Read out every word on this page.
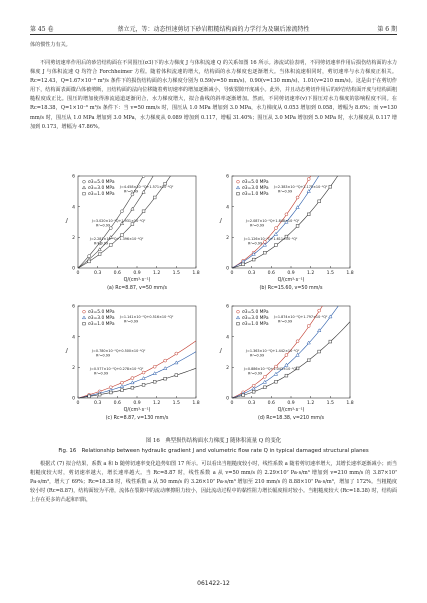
第 45 卷	蔡立元，等：动态恒速剪切下砂岩粗糙结构面的力学行为及碾后渗流特性	第 6 期
体的惯性力有关。
不同剪切速率作用后的砂岩结构面在不同围压(σ3)下的水力梯度 J 与体积流速 Q 的关系如图 16 所示。渗流试验表明，不同剪切速率作用后损伤结构面的水力梯度 J 与体积流速 Q 均符合 Forchheimer 方程。随着体积流速的增大，结构面的水力梯度也逐渐增大。当体积流速相同时，剪切速率与水力梯度正相关。Rc=12.43，Q=1.67×10⁻⁶ m³/s 条件下的损伤结构面的水力梯度分别为 0.59(v=50 mm/s)、0.90(v=130 mm/s)、1.01(v=210 mm/s)。这是由于在剪切作用下，结构面表面微凸体被剪断，且结构面的法向位移随着剪切速率的增加逐渐减小，导致裂隙开度减小。此外，并且动态剪切作用后的砂岩结构面开度与结构面粗糙程度成正比。围压的增加使得渗流通道逐渐闭合，水力梯度增大，拟合曲线的斜率逐渐增加。然而，不同剪切速率(v)下围压对水力梯度的影响程度不同。在 Rc=18.38，Q=1×10⁻⁶ m³/s 条件下：当 v=50 mm/s 时，围压从 1.0 MPa 增加到 3.0 MPa，水力梯度从 0.053 增加到 0.058，增幅为 8.6%；而 v=130 mm/s 时，围压从 1.0 MPa 增加到 3.0 MPa，水力梯度从 0.089 增加到 0.117，增幅 31.40%；围压从 3.0 MPa 增加到 5.0 MPa 时，水力梯度从 0.117 增加到 0.173，增幅为 47.86%。
0	0.3	0.6	0.9	1.2	1.5	1.8
0
2
4
6
Q/(cm³·s⁻¹)
J
(a) Rc=8.87, v=50 mm/s
σ3=5.0 MPa
σ3=3.0 MPa
σ3=1.0 MPa
J=4.458×10⁻²Q+1.571×10⁻²Q²
R²=0.99
J=3.020×10⁻²Q+1.931×10⁻²Q²
R²=0.99
J=2.281×10⁻²Q+1.396×10⁻²Q²
R²=0.99
0	0.3	0.6	0.9	1.2	1.5	1.8
0
2
4
6
Q/(cm³·s⁻¹)
J
(b) Rc=15.60, v=50 mm/s
σ3=5.0 MPa
σ3=3.0 MPa
σ3=1.0 MPa
J=2.383×10⁻²Q+2.175×10⁻²Q²
R²=0.99
J=2.087×10⁻²Q+1.848×10⁻²Q²
R²=0.99
J=1.126×10⁻²Q+1.611×10⁻²Q²
R²=0.99
0	0.3	0.6	0.9	1.2	1.5	1.8
0
2
4
6
Q/(cm³·s⁻¹)
J
(c) Rc=8.87, v=130 mm/s
σ3=5.0 MPa
σ3=3.0 MPa
σ3=1.0 MPa
J=1.141×10⁻²Q+0.516×10⁻²Q²
R²=0.99
J=0.780×10⁻²Q+0.500×10⁻²Q²
R²=0.99
J=0.577×10⁻²Q+0.278×10⁻²Q²
R²=0.99
0	0.3	0.6	0.9	1.2	1.5	1.8
0
2
4
6
Q/(cm³·s⁻¹)
J
(d) Rc=18.38, v=210 mm/s
σ3=5.0 MPa
σ3=3.0 MPa
σ3=1.0 MPa
J=1.874×10⁻²Q+1.797×10⁻²Q²
R²=0.99
J=1.363×10⁻²Q+1.442×10⁻²Q²
R²=0.99
J=0.886×10⁻²Q+1.043×10⁻²Q²
R²=0.99
图 16　典型损伤结构面水力梯度 J 随体积流量 Q 的变化
Fig. 16　Relationship between hydraulic gradient J and volumetric flow rate Q in typical damaged structural planes
根据式 (7) 拟合结果，系数 a 和 b 随剪切速率变化趋势如图 17 所示。可以看出当粗糙度较小时，线性系数 a 随着剪切速率增大，其增长速率逐渐减小；而当粗糙度较大时，剪切速率越大，增长速率越大。当 Rc=8.87 时，线性系数 a 从 v=50 mm/s 的 2.29×10⁷ Pa·s/m³ 增加到 v=210 mm/s 的 3.87×10⁷ Pa·s/m³，增大了 69%；Rc=18.38 时，线性系数 a 从 50 mm/s 的 3.26×10⁷ Pa·s/m³ 增加至 210 mm/s 的 8.88×10⁷ Pa·s/m³，增加了 172%。当粗糙度较小时 (Rc=8.87)，结构面较为平滑，流体在裂隙中的流动摩擦阻力较小，因此流动过程中的黏性阻力增长幅度相对较小。当粗糙度较大 (Rc=18.38) 时，结构面上存在更多的凸起和凹陷，
061422-12
